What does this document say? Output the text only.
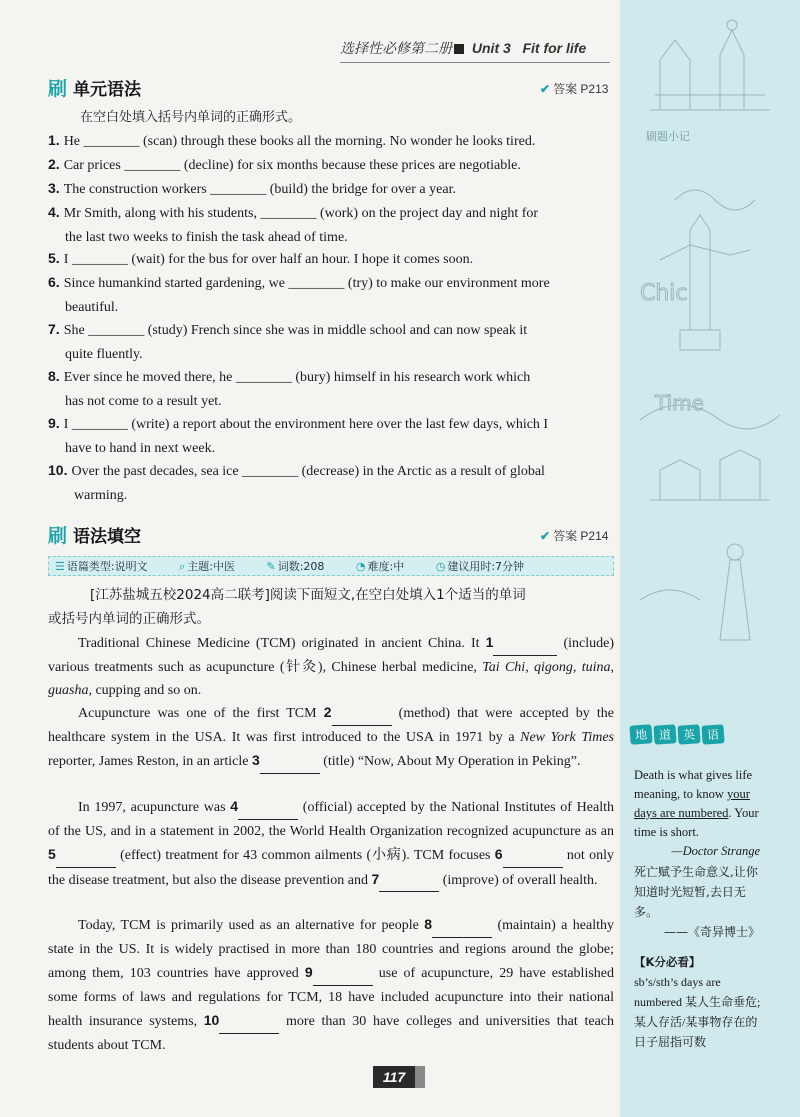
Chic
Time
刷题小记
选择性必修第二册 Unit 3 Fit for life
刷 单元语法	✔ 答案 P213
在空白处填入括号内单词的正确形式。
1. He ________ (scan) through these books all the morning. No wonder he looks tired.
2. Car prices ________ (decline) for six months because these prices are negotiable.
3. The construction workers ________ (build) the bridge for over a year.
4. Mr Smith, along with his students, ________ (work) on the project day and night for
the last two weeks to finish the task ahead of time.
5. I ________ (wait) for the bus for over half an hour. I hope it comes soon.
6. Since humankind started gardening, we ________ (try) to make our environment more
beautiful.
7. She ________ (study) French since she was in middle school and can now speak it
quite fluently.
8. Ever since he moved there, he ________ (bury) himself in his research work which
has not come to a result yet.
9. I ________ (write) a report about the environment here over the last few days, which I
have to hand in next week.
10. Over the past decades, sea ice ________ (decrease) in the Arctic as a result of global
warming.
刷 语法填空	✔ 答案 P214
☰ 语篇类型:说明文	⌕ 主题:中医	✎ 词数:208	◔ 难度:中	◷ 建议用时:7分钟
[江苏盐城五校2024高二联考]阅读下面短文,在空白处填入1个适当的单词
或括号内单词的正确形式。
Traditional Chinese Medicine (TCM) originated in ancient China. It 1	(include) various treatments such as acupuncture (针灸), Chinese herbal medicine, Tai Chi, qigong, tuina, guasha, cupping and so on.
Acupuncture was one of the first TCM 2	(method) that were accepted by the healthcare system in the USA. It was first introduced to the USA in 1971 by a New York Times reporter, James Reston, in an article 3	(title) “Now, About My Operation in Peking”.
In 1997, acupuncture was 4	(official) accepted by the National Institutes of Health of the US, and in a statement in 2002, the World Health Organization recognized acupuncture as an 5	(effect) treatment for 43 common ailments (小病). TCM focuses 6	not only the disease treatment, but also the disease prevention and 7	(improve) of overall health.
Today, TCM is primarily used as an alternative for people 8	(maintain) a healthy state in the US. It is widely practised in more than 180 countries and regions around the globe; among them, 103 countries have approved 9	use of acupuncture, 29 have established some forms of laws and regulations for TCM, 18 have included acupuncture into their national health insurance systems, 10	more than 30 have colleges and universities that teach students about TCM.
地 道 英 语
Death is what gives life meaning, to know your days are numbered. Your time is short.
—Doctor Strange
死亡赋予生命意义,让你知道时光短暂,去日无多。
——《奇异博士》
【K分必看】
sb’s/sth’s days are numbered 某人生命垂危;某人存活/某事物存在的日子屈指可数
117
